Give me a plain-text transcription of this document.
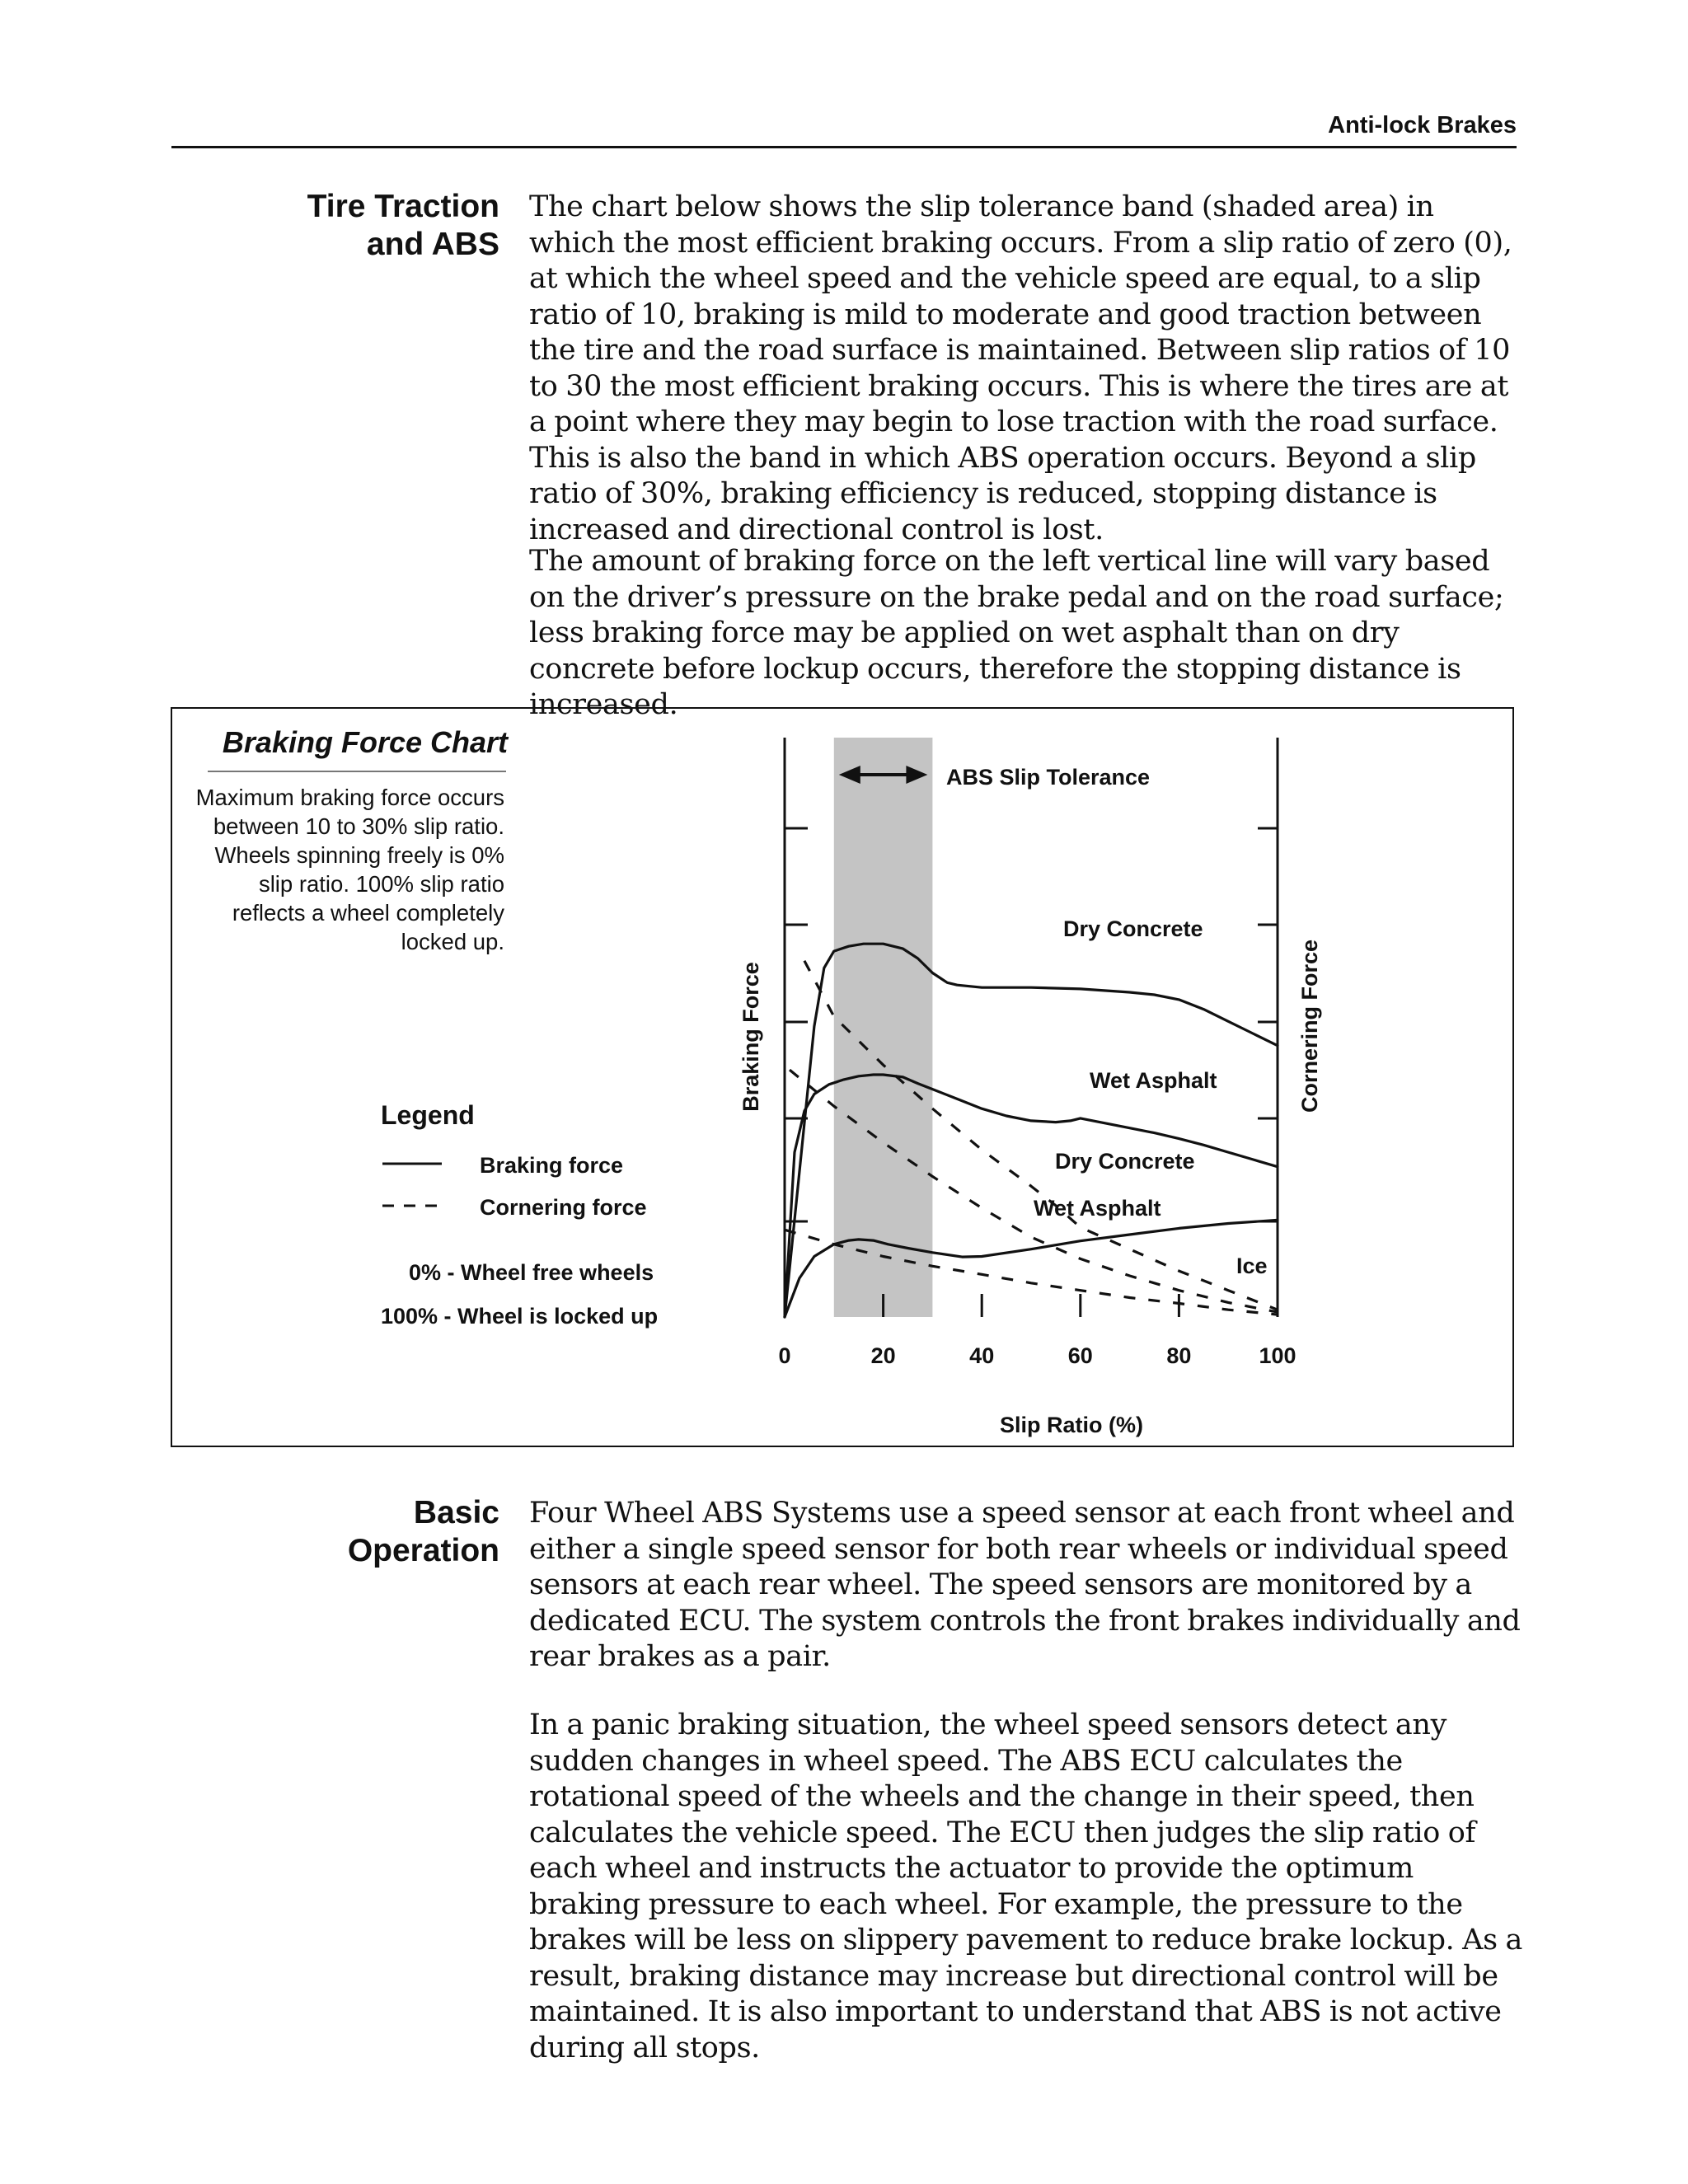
Anti-lock Brakes
Tire Traction
and ABS

The chart below shows the slip tolerance band (shaded area) in which the most efficient braking occurs. From a slip ratio of zero (0), at which the wheel speed and the vehicle speed are equal, to a slip ratio of 10, braking is mild to moderate and good traction between the tire and the road surface is maintained. Between slip ratios of 10 to 30 the most efficient braking occurs. This is where the tires are at a point where they may begin to lose traction with the road surface. This is also the band in which ABS operation occurs. Beyond a slip ratio of 30%, braking efficiency is reduced, stopping distance is increased and directional control is lost.

The amount of braking force on the left vertical line will vary based on the driver’s pressure on the brake pedal and on the road surface; less braking force may be applied on wet asphalt than on dry concrete before lockup occurs, therefore the stopping distance is increased.

Braking Force Chart

Maximum braking force occurs between 10 to 30% slip ratio. Wheels spinning freely is 0% slip ratio. 100% slip ratio reflects a wheel completely locked up.

0	20	40	60	80	100
ABS Slip Tolerance
Braking Force	Cornering Force
Slip Ratio (%)
Dry Concrete
Wet Asphalt
Dry Concrete
Wet Asphalt
Ice
Legend
Braking force
Cornering force
0% - Wheel free wheels
100% - Wheel is locked up
Basic
Operation

Four Wheel ABS Systems use a speed sensor at each front wheel and either a single speed sensor for both rear wheels or individual speed sensors at each rear wheel. The speed sensors are monitored by a dedicated ECU. The system controls the front brakes individually and rear brakes as a pair.

In a panic braking situation, the wheel speed sensors detect any sudden changes in wheel speed. The ABS ECU calculates the rotational speed of the wheels and the change in their speed, then calculates the vehicle speed. The ECU then judges the slip ratio of each wheel and instructs the actuator to provide the optimum braking pressure to each wheel. For example, the pressure to the brakes will be less on slippery pavement to reduce brake lockup. As a result, braking distance may increase but directional control will be maintained. It is also important to understand that ABS is not active during all stops.
